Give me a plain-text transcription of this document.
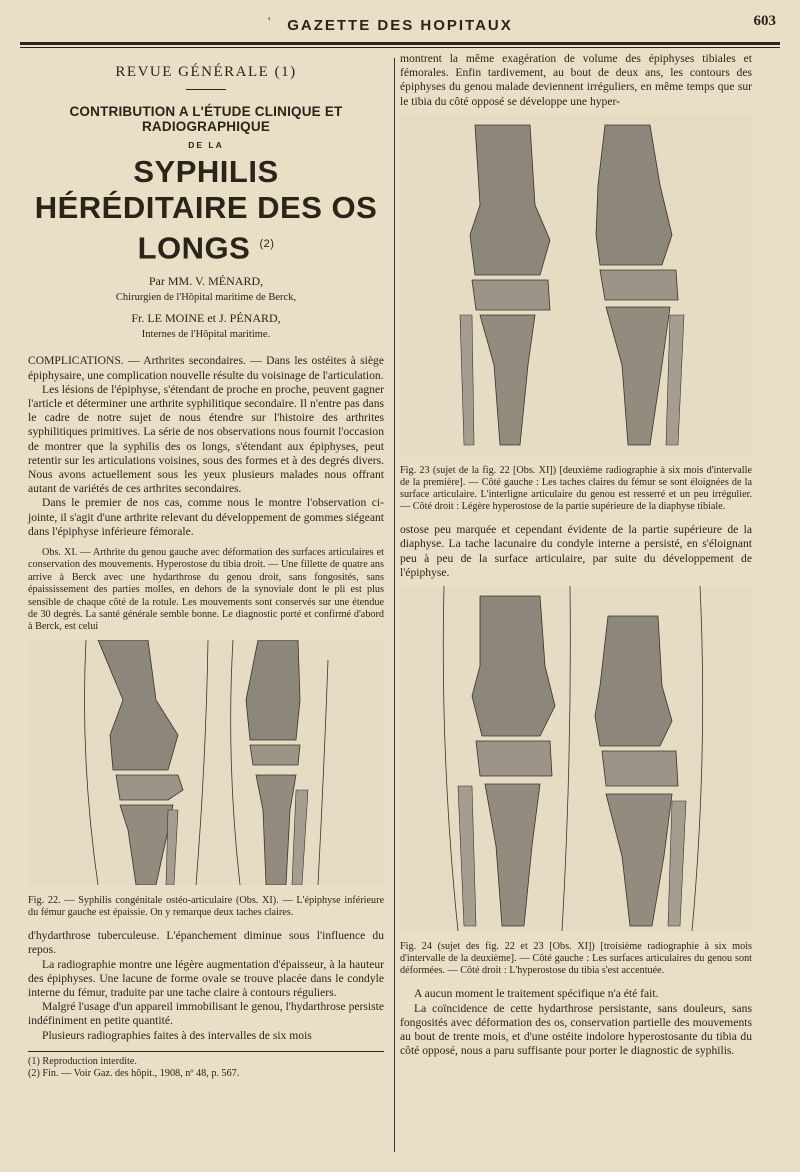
'	GAZETTE DES HOPITAUX	603
REVUE GÉNÉRALE (1)
CONTRIBUTION A L'ÉTUDE CLINIQUE ET RADIOGRAPHIQUE
DE LA
SYPHILIS HÉRÉDITAIRE DES OS LONGS $^{(2)}$
Par MM. V. MÉNARD,
Chirurgien de l'Hôpital maritime de Berck,
Fr. LE MOINE et J. PÉNARD,
Internes de l'Hôpital maritime.

COMPLICATIONS. — Arthrites secondaires. — Dans les ostéites à siège épiphysaire, une complication nouvelle résulte du voisinage de l'articulation.

Les lésions de l'épiphyse, s'étendant de proche en proche, peuvent gagner l'article et déterminer une arthrite syphilitique secondaire. Il n'entre pas dans le cadre de notre sujet de nous étendre sur l'histoire des arthrites syphilitiques primitives. La série de nos observations nous fournit l'occasion de montrer que la syphilis des os longs, s'étendant aux épiphyses, peut retentir sur les articulations voisines, sous des formes et à des degrés divers. Nous avons actuellement sous les yeux plusieurs malades nous offrant autant de variétés de ces arthrites secondaires.

Dans le premier de nos cas, comme nous le montre l'observation ci-jointe, il s'agit d'une arthrite relevant du développement de gommes siégeant dans l'épiphyse inférieure fémorale.

Obs. XI. — Arthrite du genou gauche avec déformation des surfaces articulaires et conservation des mouvements. Hyperostose du tibia droit. — Une fillette de quatre ans arrive à Berck avec une hydarthrose du genou droit, sans fongosités, sans épaississement des parties molles, en dehors de la synoviale dont le pli est plus sensible de chaque côté de la rotule. Les mouvements sont conservés sur une étendue de 30 degrés. La santé générale semble bonne. Le diagnostic porté et confirmé d'abord à Berck, est celui

Fig. 22. — Syphilis congénitale ostéo-articulaire (Obs. XI). — L'épiphyse inférieure du fémur gauche est épaissie. On y remarque deux taches claires.

d'hydarthrose tuberculeuse. L'épanchement diminue sous l'influence du repos.

La radiographie montre une légère augmentation d'épaisseur, à la hauteur des épiphyses. Une lacune de forme ovale se trouve placée dans le condyle interne du fémur, traduite par une tache claire à contours réguliers.

Malgré l'usage d'un appareil immobilisant le genou, l'hydarthrose persiste indéfiniment en petite quantité.

Plusieurs radiographies faites à des intervalles de six mois

(1) Reproduction interdite.

(2) Fin. — Voir Gaz. des hôpit., 1908, nº 48, p. 567.

montrent la même exagération de volume des épiphyses tibiales et fémorales. Enfin tardivement, au bout de deux ans, les contours des épiphyses du genou malade deviennent irréguliers, en même temps que sur le tibia du côté opposé se développe une hyper-

Fig. 23 (sujet de la fig. 22 [Obs. XI]) [deuxième radiographie à six mois d'intervalle de la première]. — Côté gauche : Les taches claires du fémur se sont éloignées de la surface articulaire. L'interligne articulaire du genou est resserré et un peu irrégulier. — Côté droit : Légère hyperostose de la partie supérieure de la diaphyse tibiale.

ostose peu marquée et cependant évidente de la partie supérieure de la diaphyse. La tache lacunaire du condyle interne a persisté, en s'éloignant peu à peu de la surface articulaire, par suite du développement de l'épiphyse.

Fig. 24 (sujet des fig. 22 et 23 [Obs. XI]) [troisième radiographie à six mois d'intervalle de la deuxième]. — Côté gauche : Les surfaces articulaires du genou sont déformées. — Côté droit : L'hyperostose du tibia s'est accentuée.

A aucun moment le traitement spécifique n'a été fait.

La coïncidence de cette hydarthrose persistante, sans douleurs, sans fongosités avec déformation des os, conservation partielle des mouvements au bout de trente mois, et d'une ostéite indolore hyperostosante du tibia du côté opposé, nous a paru suffisante pour porter le diagnostic de syphilis.
